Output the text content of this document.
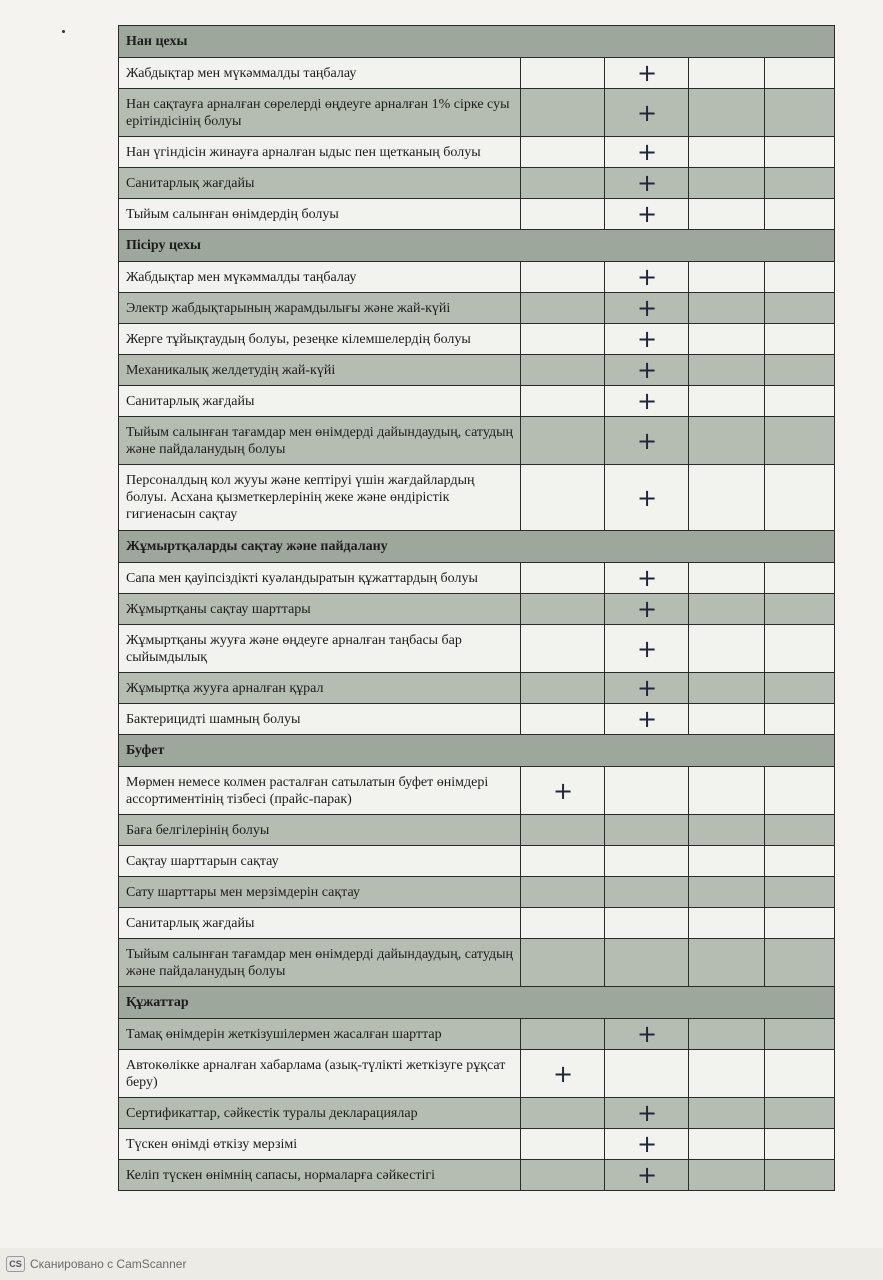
Нан цехы				
Жабдықтар мен мүкәммалды таңбалау		+		
Нан сақтауға арналған сөрелерді өңдеуге арналған 1% сірке суы ерітіндісінің болуы		+		
Нан үгіндісін жинауға арналған ыдыс пен щетканың болуы		+		
Санитарлық жағдайы		+		
Тыйым салынған өнімдердің болуы		+		
Пісіру цехы				
Жабдықтар мен мүкәммалды таңбалау		+		
Электр жабдықтарының жарамдылығы және жай-күйі		+		
Жерге тұйықтаудың болуы, резеңке кілемшелердің болуы		+		
Механикалық желдетудің жай-күйі		+		
Санитарлық жағдайы		+		
Тыйым салынған тағамдар мен өнімдерді дайындаудың, сатудың және пайдаланудың болуы		+		
Персоналдың кол жууы және кептіруі үшін жағдайлардың болуы. Асхана қызметкерлерінің жеке және өндірістік гигиенасын сақтау		+		
Жұмыртқаларды сақтау және пайдалану				
Сапа мен қауіпсіздікті куәландыратын құжаттардың болуы		+		
Жұмыртқаны сақтау шарттары		+		
Жұмыртқаны жууға және өңдеуге арналған таңбасы бар сыйымдылық		+		
Жұмыртқа жууға арналған құрал		+		
Бактерицидті шамның болуы		+		
Буфет				
Мөрмен немесе колмен расталған сатылатын буфет өнімдері ассортиментінің тізбесі (прайс-парак)	+			
Баға белгілерінің болуы				
Сақтау шарттарын сақтау				
Сату шарттары мен мерзімдерін сақтау				
Санитарлық жағдайы				
Тыйым салынған тағамдар мен өнімдерді дайындаудың, сатудың және пайдаланудың болуы				
Құжаттар				
Тамақ өнімдерін жеткізушілермен жасалған шарттар		+		
Автокөлікке арналған хабарлама (азық-түлікті жеткізуге рұқсат беру)	+			
Сертификаттар, сәйкестік туралы декларациялар		+		
Түскен өнімді өткізу мерзімі		+		
Келіп түскен өнімнің сапасы, нормаларға сәйкестігі		+		
CS Сканировано с CamScanner
